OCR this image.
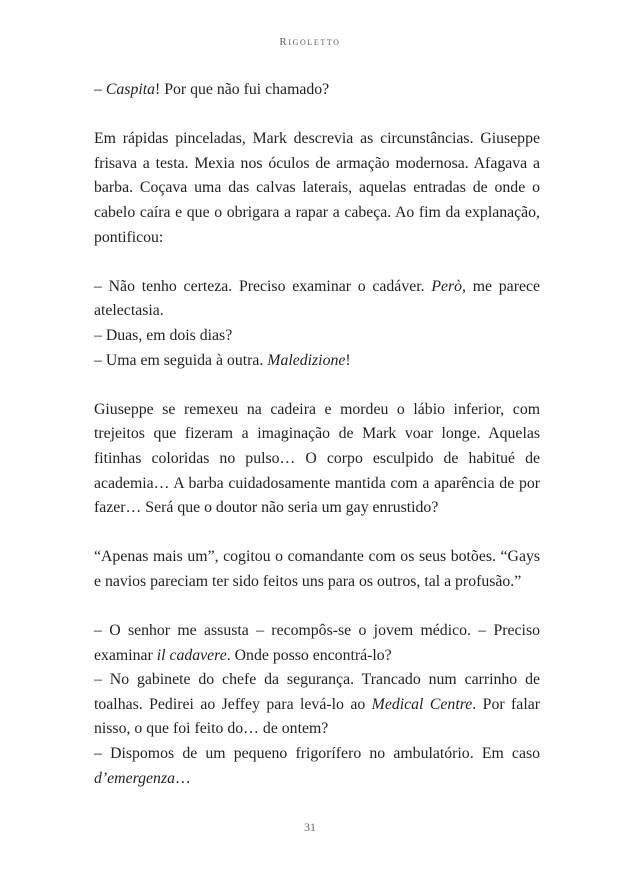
Rigoletto

– Caspita! Por que não fui chamado?

Em rápidas pinceladas, Mark descrevia as circunstâncias. Giuseppe frisava a testa. Mexia nos óculos de armação modernosa. Afagava a barba. Coçava uma das calvas laterais, aquelas entradas de onde o cabelo caíra e que o obrigara a rapar a cabeça. Ao fim da explanação, pontificou:

– Não tenho certeza. Preciso examinar o cadáver. Però, me parece atelectasia.

– Duas, em dois dias?

– Uma em seguida à outra. Maledizione!

Giuseppe se remexeu na cadeira e mordeu o lábio inferior, com trejeitos que fizeram a imaginação de Mark voar longe. Aquelas fitinhas coloridas no pulso… O corpo esculpido de habitué de academia… A barba cuidadosamente mantida com a aparência de por fazer… Será que o doutor não seria um gay enrustido?

“Apenas mais um”, cogitou o comandante com os seus botões. “Gays e navios pareciam ter sido feitos uns para os outros, tal a profusão.”

– O senhor me assusta – recompôs-se o jovem médico. – Preciso examinar il cadavere. Onde posso encontrá-lo?

– No gabinete do chefe da segurança. Trancado num carrinho de toalhas. Pedirei ao Jeffey para levá-lo ao Medical Centre. Por falar nisso, o que foi feito do… de ontem?

– Dispomos de um pequeno frigorífero no ambulatório. Em caso d’emergenza…

31
